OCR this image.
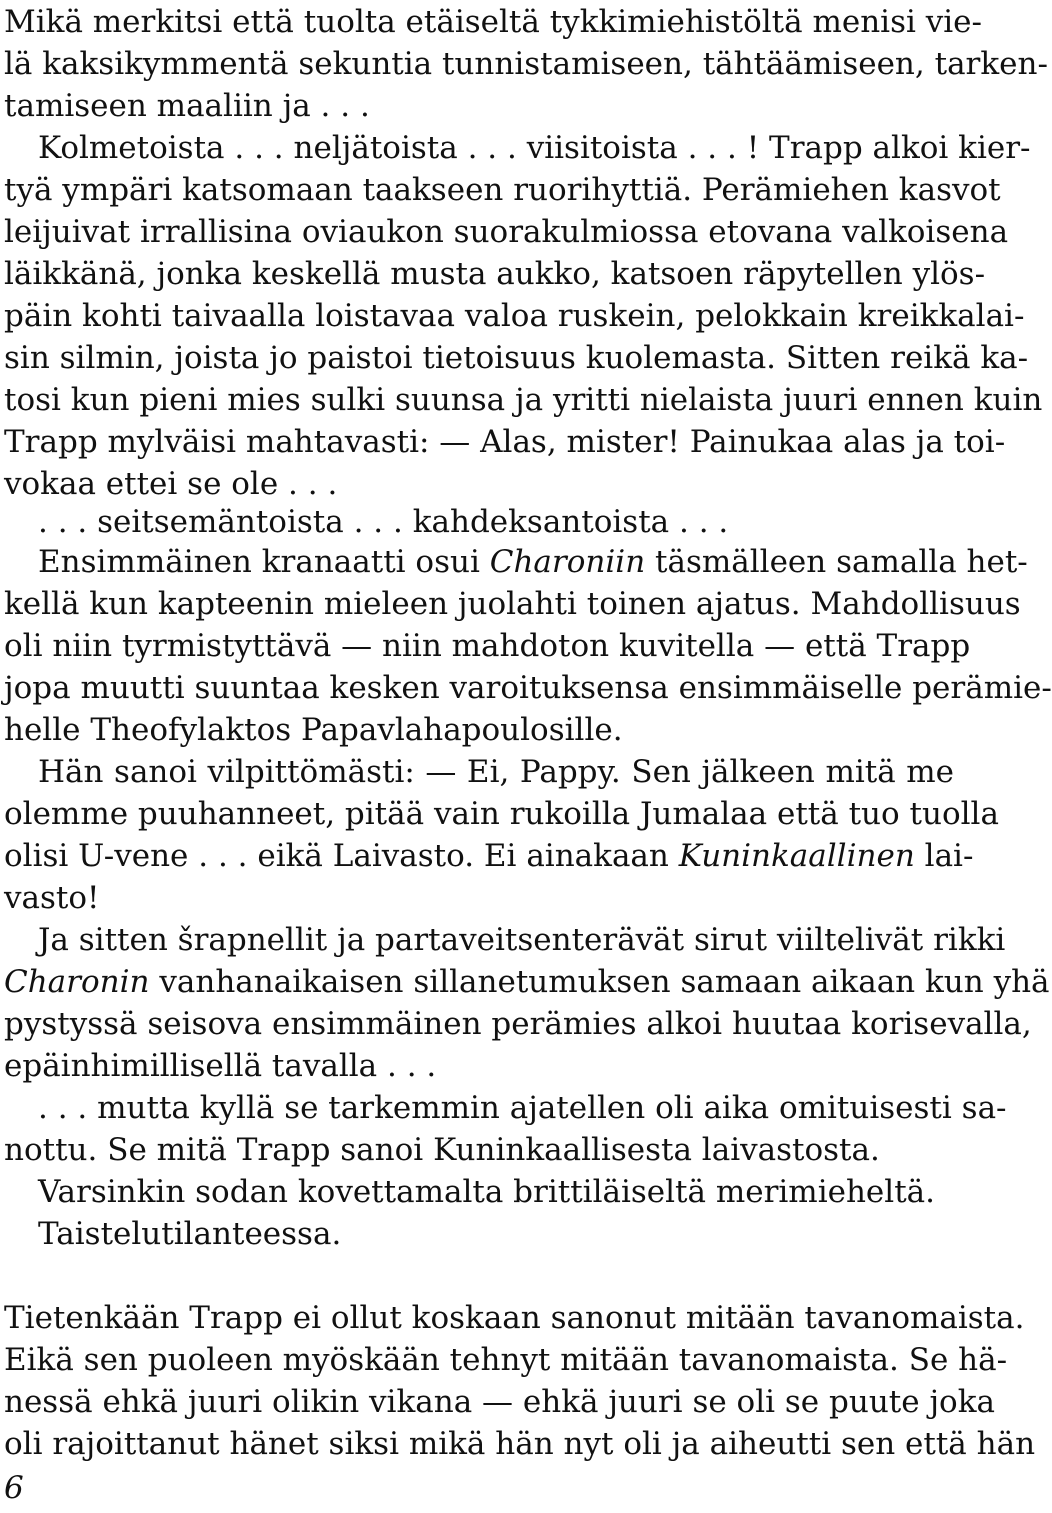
Mikä merkitsi että tuolta etäiseltä tykkimiehistöltä menisi vie-
lä kaksikymmentä sekuntia tunnistamiseen, tähtäämiseen, tarken-
tamiseen maaliin ja . . .
Kolmetoista . . . neljätoista . . . viisitoista . . . ! Trapp alkoi kier-
tyä ympäri katsomaan taakseen ruorihyttiä. Perämiehen kasvot
leijuivat irrallisina oviaukon suorakulmiossa etovana valkoisena
läikkänä, jonka keskellä musta aukko, katsoen räpytellen ylös-
päin kohti taivaalla loistavaa valoa ruskein, pelokkain kreikkalai-
sin silmin, joista jo paistoi tietoisuus kuolemasta. Sitten reikä ka-
tosi kun pieni mies sulki suunsa ja yritti nielaista juuri ennen kuin
Trapp mylväisi mahtavasti: — Alas, mister! Painukaa alas ja toi-
vokaa ettei se ole . . .
. . . seitsemäntoista . . . kahdeksantoista . . .
Ensimmäinen kranaatti osui Charoniin täsmälleen samalla het-
kellä kun kapteenin mieleen juolahti toinen ajatus. Mahdollisuus
oli niin tyrmistyttävä — niin mahdoton kuvitella — että Trapp
jopa muutti suuntaa kesken varoituksensa ensimmäiselle perämie-
helle Theofylaktos Papavlahapoulosille.
Hän sanoi vilpittömästi: — Ei, Pappy. Sen jälkeen mitä me
olemme puuhanneet, pitää vain rukoilla Jumalaa että tuo tuolla
olisi U-vene . . . eikä Laivasto. Ei ainakaan Kuninkaallinen lai-
vasto!
Ja sitten šrapnellit ja partaveitsenterävät sirut viiltelivät rikki
Charonin vanhanaikaisen sillanetumuksen samaan aikaan kun yhä
pystyssä seisova ensimmäinen perämies alkoi huutaa korisevalla,
epäinhimillisellä tavalla . . .
. . . mutta kyllä se tarkemmin ajatellen oli aika omituisesti sa-
nottu. Se mitä Trapp sanoi Kuninkaallisesta laivastosta.
Varsinkin sodan kovettamalta brittiläiseltä merimieheltä.
Taistelutilanteessa.
Tietenkään Trapp ei ollut koskaan sanonut mitään tavanomaista.
Eikä sen puoleen myöskään tehnyt mitään tavanomaista. Se hä-
nessä ehkä juuri olikin vikana — ehkä juuri se oli se puute joka
oli rajoittanut hänet siksi mikä hän nyt oli ja aiheutti sen että hän
6
